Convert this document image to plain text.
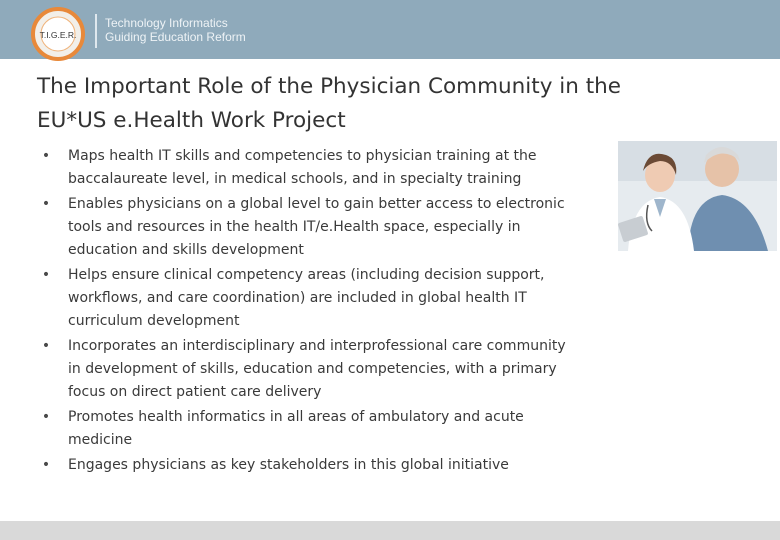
T.I.G.E.R.
Technology Informatics
Guiding Education Reform
The Important Role of the Physician Community in the
EU*US e.Health Work Project
• Maps health IT skills and competencies to physician training at the
baccalaureate level, in medical schools, and in specialty training
• Enables physicians on a global level to gain better access to electronic
tools and resources in the health IT/e.Health space, especially in
education and skills development
• Helps ensure clinical competency areas (including decision support,
workflows, and care coordination) are included in global health IT
curriculum development
• Incorporates an interdisciplinary and interprofessional care community
in development of skills, education and competencies, with a primary
focus on direct patient care delivery
• Promotes health informatics in all areas of ambulatory and acute
medicine
• Engages physicians as key stakeholders in this global initiative
